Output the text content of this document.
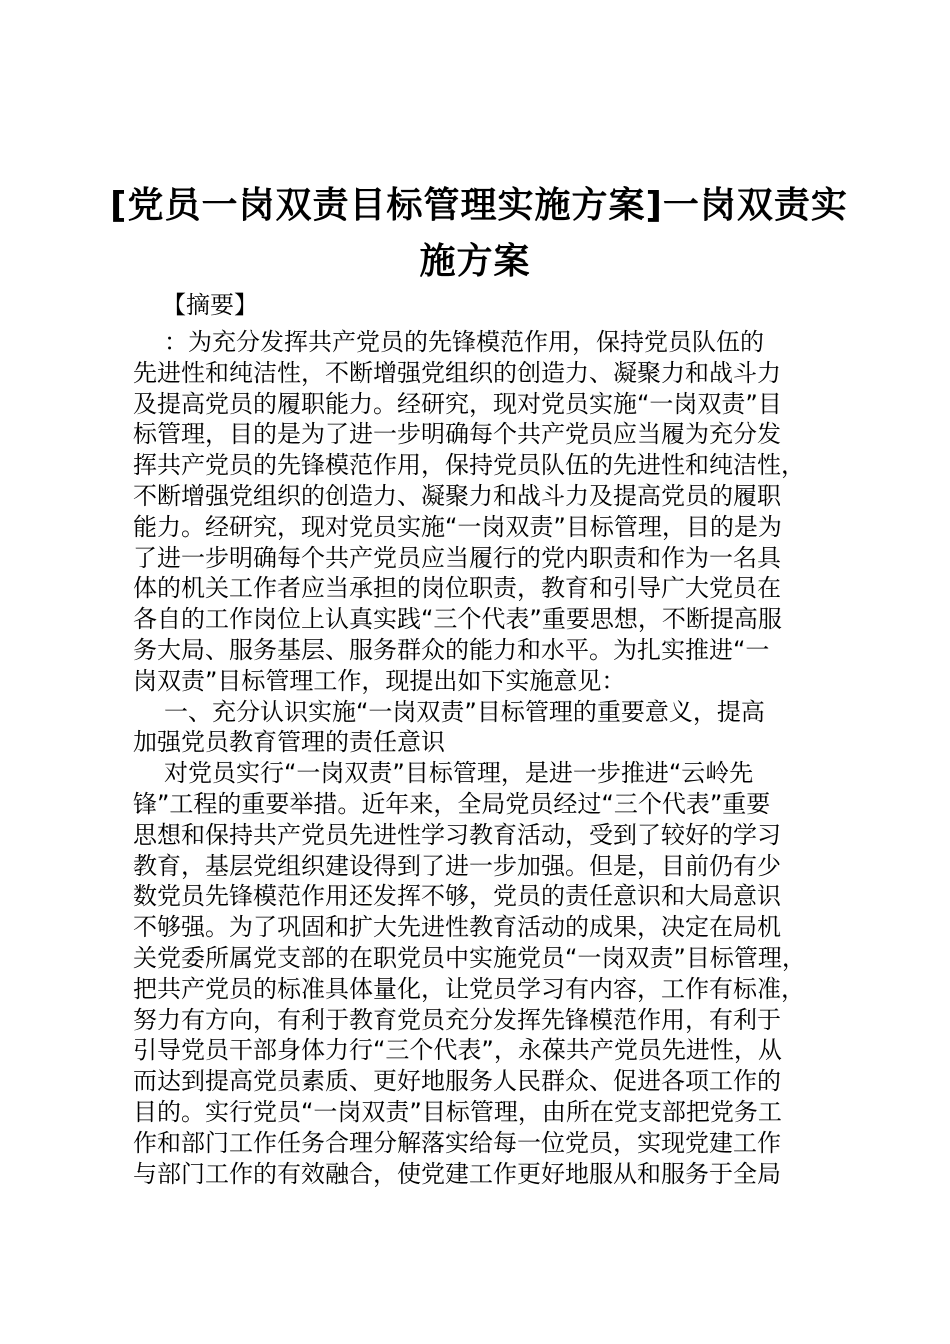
[党员一岗双责目标管理实施方案]一岗双责实
施方案
【摘要】
：为充分发挥共产党员的先锋模范作用，保持党员队伍的
先进性和纯洁性，不断增强党组织的创造力、凝聚力和战斗力
及提高党员的履职能力。经研究，现对党员实施“一岗双责”目
标管理，目的是为了进一步明确每个共产党员应当履为充分发
挥共产党员的先锋模范作用，保持党员队伍的先进性和纯洁性，
不断增强党组织的创造力、凝聚力和战斗力及提高党员的履职
能力。经研究，现对党员实施“一岗双责”目标管理，目的是为
了进一步明确每个共产党员应当履行的党内职责和作为一名具
体的机关工作者应当承担的岗位职责，教育和引导广大党员在
各自的工作岗位上认真实践“三个代表”重要思想，不断提高服
务大局、服务基层、服务群众的能力和水平。为扎实推进“一
岗双责”目标管理工作，现提出如下实施意见：
一、充分认识实施“一岗双责”目标管理的重要意义，提高
加强党员教育管理的责任意识
对党员实行“一岗双责”目标管理，是进一步推进“云岭先
锋”工程的重要举措。近年来，全局党员经过“三个代表”重要
思想和保持共产党员先进性学习教育活动，受到了较好的学习
教育，基层党组织建设得到了进一步加强。但是，目前仍有少
数党员先锋模范作用还发挥不够，党员的责任意识和大局意识
不够强。为了巩固和扩大先进性教育活动的成果，决定在局机
关党委所属党支部的在职党员中实施党员“一岗双责”目标管理，
把共产党员的标准具体量化，让党员学习有内容，工作有标准，
努力有方向，有利于教育党员充分发挥先锋模范作用，有利于
引导党员干部身体力行“三个代表”，永葆共产党员先进性，从
而达到提高党员素质、更好地服务人民群众、促进各项工作的
目的。实行党员“一岗双责”目标管理，由所在党支部把党务工
作和部门工作任务合理分解落实给每一位党员，实现党建工作
与部门工作的有效融合，使党建工作更好地服从和服务于全局
